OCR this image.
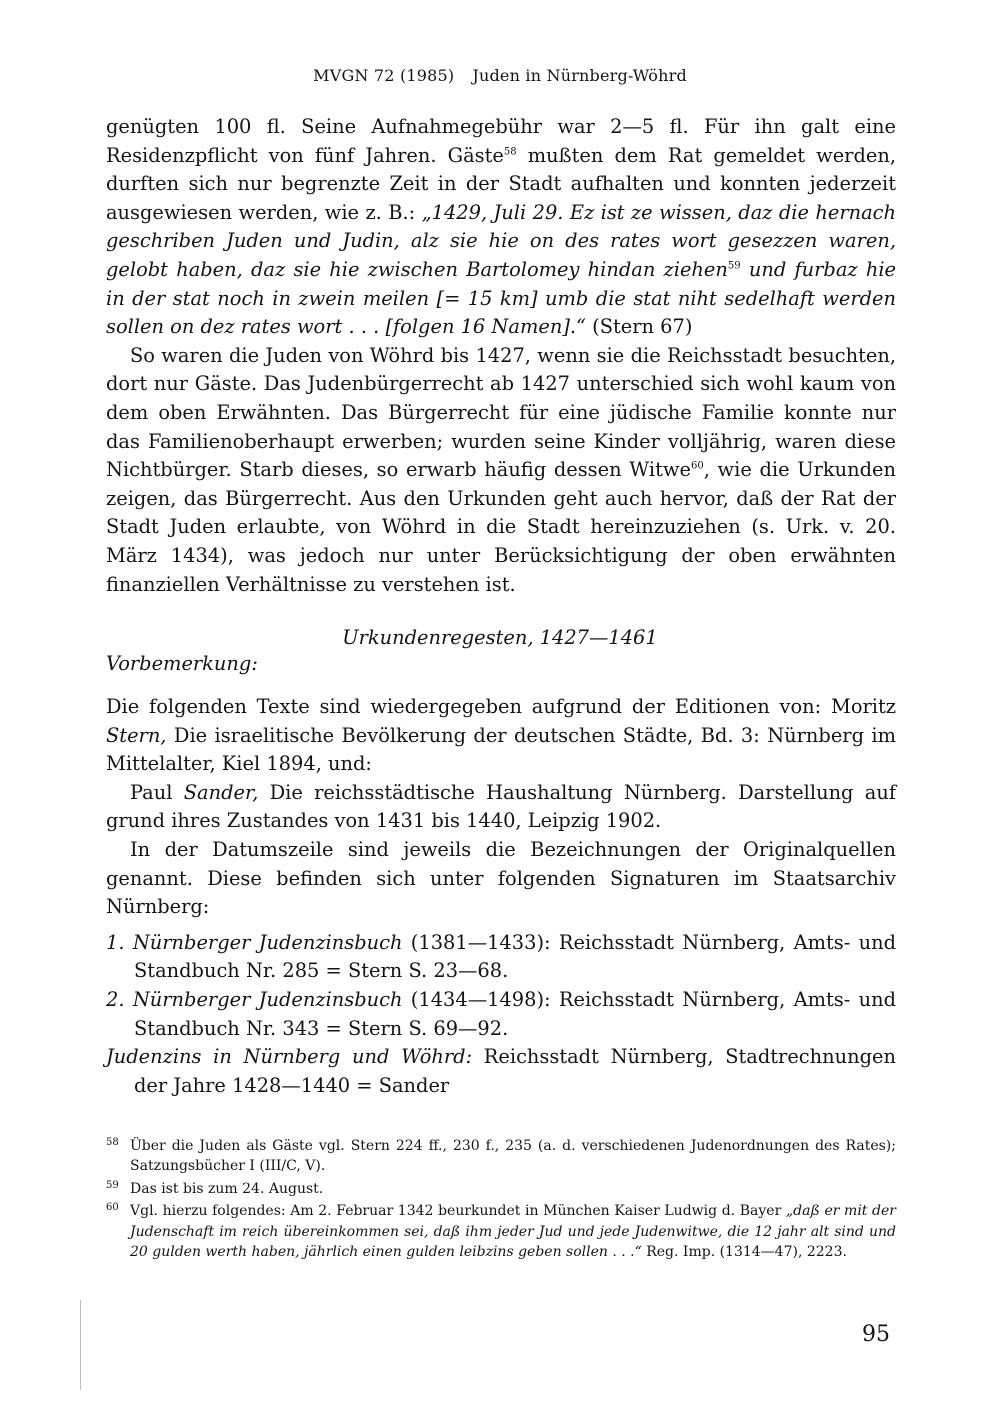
MVGN 72 (1985) Juden in Nürnberg-Wöhrd

genügten 100 fl. Seine Aufnahmegebühr war 2—5 fl. Für ihn galt eine Residenzpflicht von fünf Jahren. Gäste$^{58}$ mußten dem Rat gemeldet werden, durften sich nur begrenzte Zeit in der Stadt aufhalten und konnten jederzeit ausgewiesen werden, wie z. B.: „1429, Juli 29. Ez ist ze wissen, daz die hernach geschriben Juden und Judin, alz sie hie on des rates wort gesezzen waren, gelobt haben, daz sie hie zwischen Bartolomey hindan ziehen$^{59}$ und furbaz hie in der stat noch in zwein meilen [= 15 km] umb die stat niht sedelhaft werden sollen on dez rates wort . . . [folgen 16 Namen].“ (Stern 67)

So waren die Juden von Wöhrd bis 1427, wenn sie die Reichsstadt besuchten, dort nur Gäste. Das Judenbürgerrecht ab 1427 unterschied sich wohl kaum von dem oben Erwähnten. Das Bürgerrecht für eine jüdische Familie konnte nur das Familienoberhaupt erwerben; wurden seine Kinder volljährig, waren diese Nichtbürger. Starb dieses, so erwarb häufig dessen Witwe$^{60}$, wie die Urkunden zeigen, das Bürgerrecht. Aus den Urkunden geht auch hervor, daß der Rat der Stadt Juden erlaubte, von Wöhrd in die Stadt hereinzuziehen (s. Urk. v. 20. März 1434), was jedoch nur unter Berücksichtigung der oben erwähnten finanziellen Verhältnisse zu verstehen ist.

Urkundenregesten, 1427—1461
Vorbemerkung:

Die folgenden Texte sind wiedergegeben aufgrund der Editionen von: Moritz Stern, Die israelitische Bevölkerung der deutschen Städte, Bd. 3: Nürnberg im Mittelalter, Kiel 1894, und:

Paul Sander, Die reichsstädtische Haushaltung Nürnberg. Darstellung auf grund ihres Zustandes von 1431 bis 1440, Leipzig 1902.

In der Datumszeile sind jeweils die Bezeichnungen der Originalquellen genannt. Diese befinden sich unter folgenden Signaturen im Staatsarchiv Nürnberg:

1. Nürnberger Judenzinsbuch (1381—1433): Reichsstadt Nürnberg, Amts- und Standbuch Nr. 285 = Stern S. 23—68.

2. Nürnberger Judenzinsbuch (1434—1498): Reichsstadt Nürnberg, Amts- und Standbuch Nr. 343 = Stern S. 69—92.

Judenzins in Nürnberg und Wöhrd: Reichsstadt Nürnberg, Stadtrechnungen der Jahre 1428—1440 = Sander

58 Über die Juden als Gäste vgl. Stern 224 ff., 230 f., 235 (a. d. verschiedenen Judenordnungen des Rates); Satzungsbücher I (III/C, V).
59 Das ist bis zum 24. August.
60 Vgl. hierzu folgendes: Am 2. Februar 1342 beurkundet in München Kaiser Ludwig d. Bayer „daß er mit der Judenschaft im reich übereinkommen sei, daß ihm jeder Jud und jede Judenwitwe, die 12 jahr alt sind und 20 gulden werth haben, jährlich einen gulden leibzins geben sollen . . .“ Reg. Imp. (1314—47), 2223.
95
